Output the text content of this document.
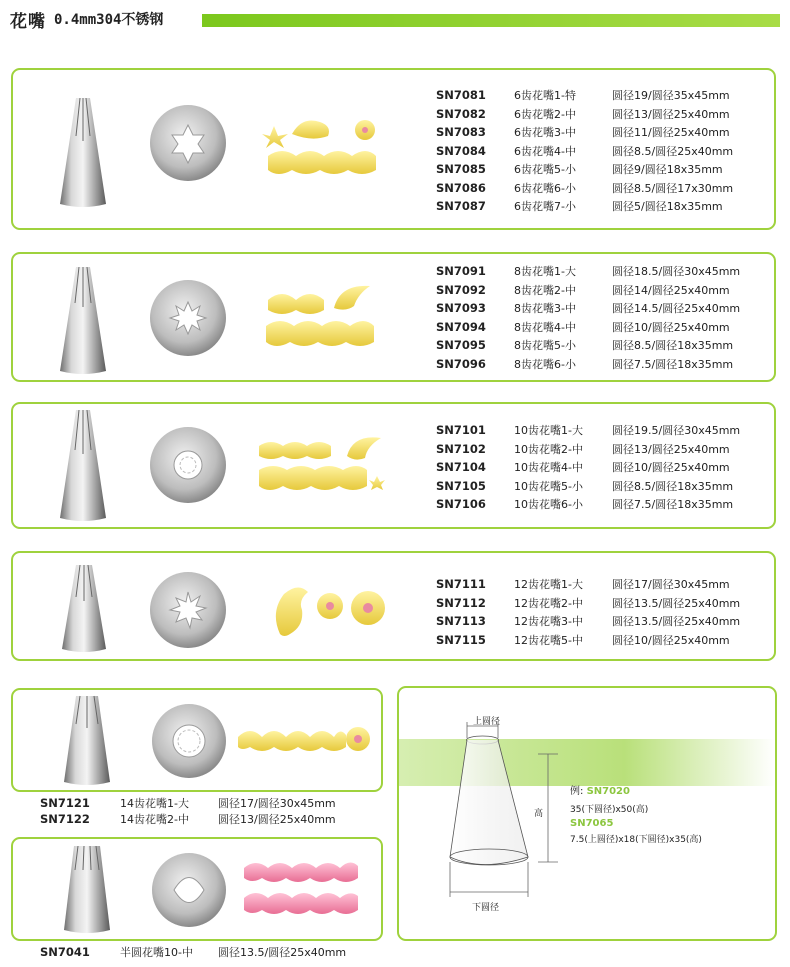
花嘴 0.4mm304不锈钢
SN7081	6齿花嘴1-特	圆径19/圆径35x45mm
SN7082	6齿花嘴2-中	圆径13/圆径25x40mm
SN7083	6齿花嘴3-中	圆径11/圆径25x40mm
SN7084	6齿花嘴4-中	圆径8.5/圆径25x40mm
SN7085	6齿花嘴5-小	圆径9/圆径18x35mm
SN7086	6齿花嘴6-小	圆径8.5/圆径17x30mm
SN7087	6齿花嘴7-小	圆径5/圆径18x35mm
SN7091	8齿花嘴1-大	圆径18.5/圆径30x45mm
SN7092	8齿花嘴2-中	圆径14/圆径25x40mm
SN7093	8齿花嘴3-中	圆径14.5/圆径25x40mm
SN7094	8齿花嘴4-中	圆径10/圆径25x40mm
SN7095	8齿花嘴5-小	圆径8.5/圆径18x35mm
SN7096	8齿花嘴6-小	圆径7.5/圆径18x35mm
SN7101	10齿花嘴1-大	圆径19.5/圆径30x45mm
SN7102	10齿花嘴2-中	圆径13/圆径25x40mm
SN7104	10齿花嘴4-中	圆径10/圆径25x40mm
SN7105	10齿花嘴5-小	圆径8.5/圆径18x35mm
SN7106	10齿花嘴6-小	圆径7.5/圆径18x35mm
SN7111	12齿花嘴1-大	圆径17/圆径30x45mm
SN7112	12齿花嘴2-中	圆径13.5/圆径25x40mm
SN7113	12齿花嘴3-中	圆径13.5/圆径25x40mm
SN7115	12齿花嘴5-中	圆径10/圆径25x40mm
SN7121	14齿花嘴1-大	圆径17/圆径30x45mm
SN7122	14齿花嘴2-中	圆径13/圆径25x40mm
SN7041	半圆花嘴10-中	圆径13.5/圆径25x40mm
上圆径
高
下圆径
例: SN7020
35(下圆径)x50(高)
SN7065
7.5(上圆径)x18(下圆径)x35(高)
